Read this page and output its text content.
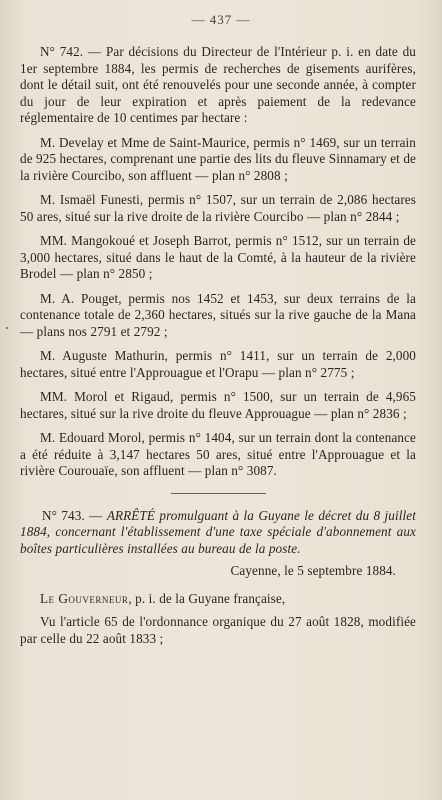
— 437 —

N° 742. — Par décisions du Directeur de l'Intérieur p. i. en date du 1er septembre 1884, les permis de recherches de gisements aurifères, dont le détail suit, ont été renouvelés pour une seconde année, à compter du jour de leur expiration et après paiement de la redevance réglementaire de 10 centimes par hectare :

M. Develay et Mme de Saint-Maurice, permis n° 1469, sur un terrain de 925 hectares, comprenant une partie des lits du fleuve Sinnamary et de la rivière Courcibo, son affluent — plan n° 2808 ;

M. Ismaël Funesti, permis n° 1507, sur un terrain de 2,086 hectares 50 ares, situé sur la rive droite de la rivière Courcibo — plan n° 2844 ;

MM. Mangokoué et Joseph Barrot, permis n° 1512, sur un terrain de 3,000 hectares, situé dans le haut de la Comté, à la hauteur de la rivière Brodel — plan n° 2850 ;

M. A. Pouget, permis nos 1452 et 1453, sur deux terrains de la contenance totale de 2,360 hectares, situés sur la rive gauche de la Mana — plans nos 2791 et 2792 ;

M. Auguste Mathurin, permis n° 1411, sur un terrain de 2,000 hectares, situé entre l'Approuague et l'Orapu — plan n° 2775 ;

MM. Morol et Rigaud, permis n° 1500, sur un terrain de 4,965 hectares, situé sur la rive droite du fleuve Approuague — plan n° 2836 ;

M. Edouard Morol, permis n° 1404, sur un terrain dont la contenance a été réduite à 3,147 hectares 50 ares, situé entre l'Approuague et la rivière Courouaïe, son affluent — plan n° 3087.

N° 743. — ARRÊTÉ promulguant à la Guyane le décret du 8 juillet 1884, concernant l'établissement d'une taxe spéciale d'abonnement aux boîtes particulières installées au bureau de la poste.

Cayenne, le 5 septembre 1884.

Le Gouverneur, p. i. de la Guyane française,

Vu l'article 65 de l'ordonnance organique du 27 août 1828, modifiée par celle du 22 août 1833 ;
